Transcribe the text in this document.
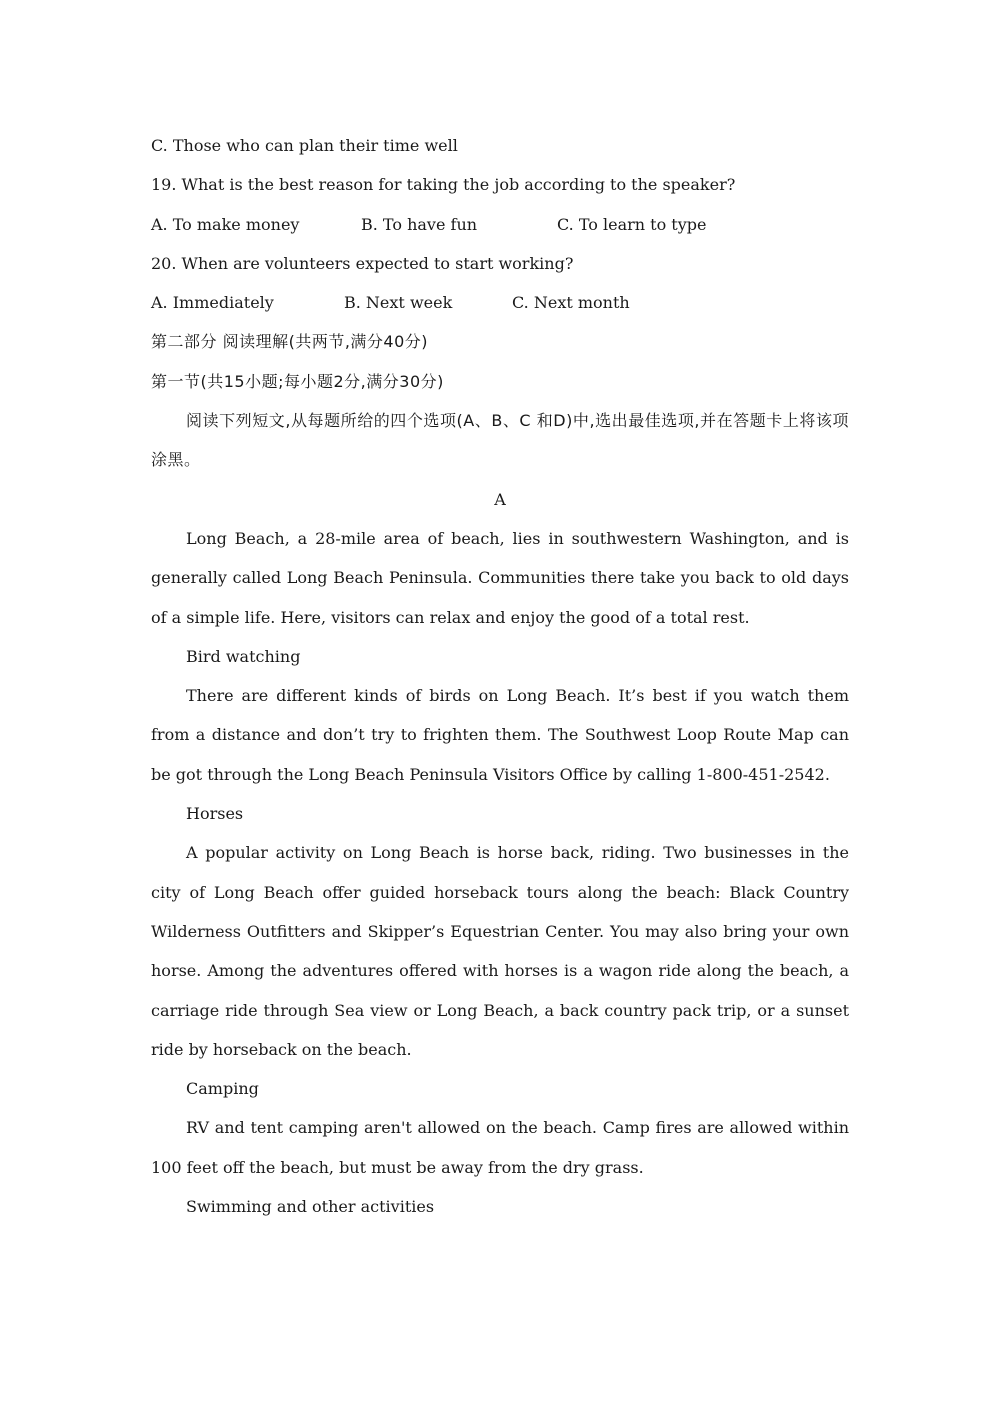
C. Those who can plan their time well

19. What is the best reason for taking the job according to the speaker?

A. To make money	B. To have fun	C. To learn to type

20. When are volunteers expected to start working?

A. Immediately	B. Next week	C. Next month

第二部分 阅读理解(共两节,满分40分)

第一节(共15小题;每小题2分,满分30分)

阅读下列短文,从每题所给的四个选项(A、B、C 和D)中,选出最佳选项,并在答题卡上将该项涂黑。

A

Long Beach, a 28-mile area of beach, lies in southwestern Washington, and is generally called Long Beach Peninsula. Communities there take you back to old days of a simple life. Here, visitors can relax and enjoy the good of a total rest.

Bird watching

There are different kinds of birds on Long Beach. It’s best if you watch them from a distance and don’t try to frighten them. The Southwest Loop Route Map can be got through the Long Beach Peninsula Visitors Office by calling 1-800-451-2542.

Horses

A popular activity on Long Beach is horse back, riding. Two businesses in the city of Long Beach offer guided horseback tours along the beach: Black Country Wilderness Outfitters and Skipper’s Equestrian Center. You may also bring your own horse. Among the adventures offered with horses is a wagon ride along the beach, a carriage ride through Sea view or Long Beach, a back country pack trip, or a sunset ride by horseback on the beach.

Camping

RV and tent camping aren't allowed on the beach. Camp fires are allowed within 100 feet off the beach, but must be away from the dry grass.

Swimming and other activities
